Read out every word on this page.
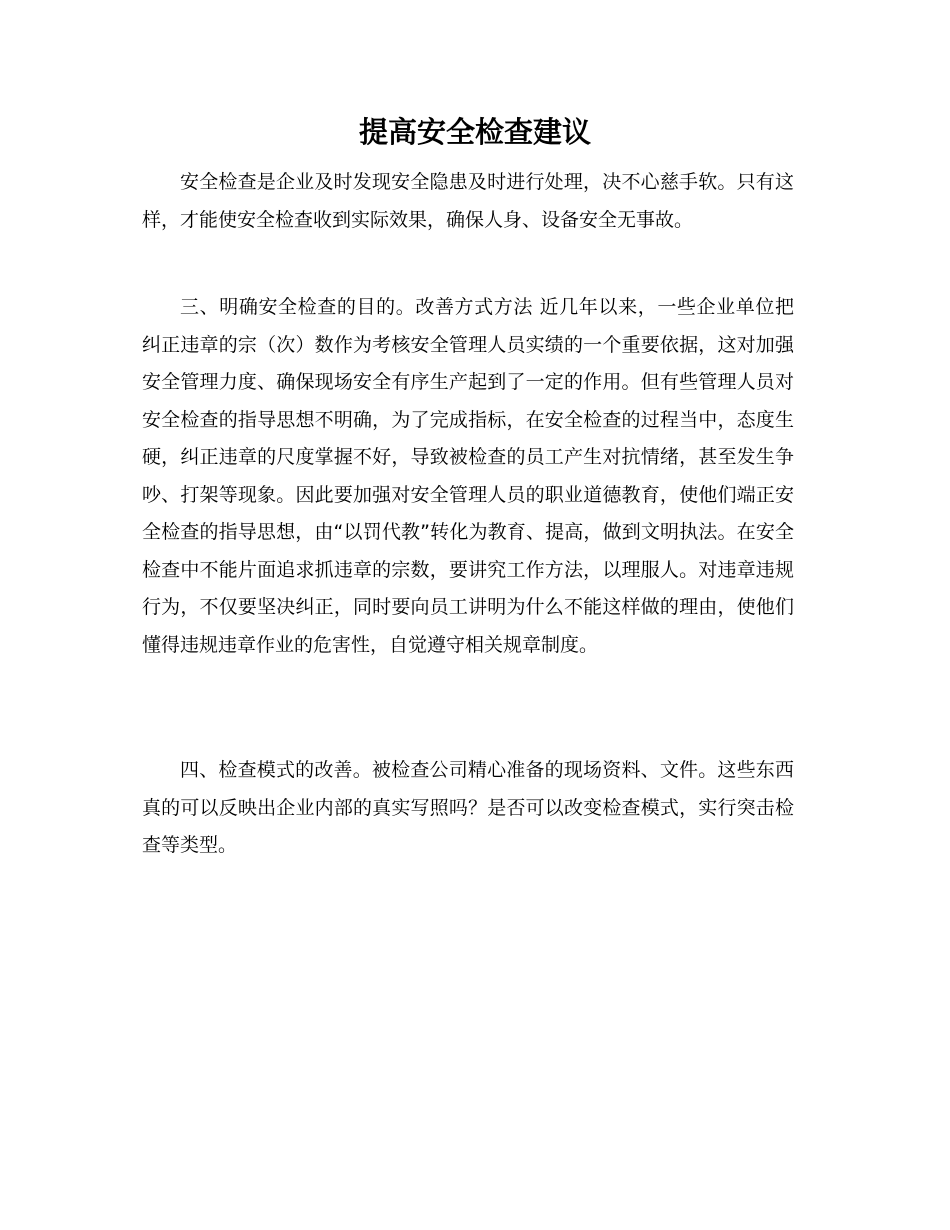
提高安全检查建议

安全检查是企业及时发现安全隐患及时进行处理，决不心慈手软。只有这样，才能使安全检查收到实际效果，确保人身、设备安全无事故。

三、明确安全检查的目的。改善方式方法 近几年以来，一些企业单位把纠正违章的宗（次）数作为考核安全管理人员实绩的一个重要依据，这对加强安全管理力度、确保现场安全有序生产起到了一定的作用。但有些管理人员对安全检查的指导思想不明确，为了完成指标，在安全检查的过程当中，态度生硬，纠正违章的尺度掌握不好，导致被检查的员工产生对抗情绪，甚至发生争吵、打架等现象。因此要加强对安全管理人员的职业道德教育，使他们端正安全检查的指导思想，由“以罚代教”转化为教育、提高，做到文明执法。在安全检查中不能片面追求抓违章的宗数，要讲究工作方法，以理服人。对违章违规行为，不仅要坚决纠正，同时要向员工讲明为什么不能这样做的理由，使他们懂得违规违章作业的危害性，自觉遵守相关规章制度。

四、检查模式的改善。被检查公司精心准备的现场资料、文件。这些东西真的可以反映出企业内部的真实写照吗？是否可以改变检查模式，实行突击检查等类型。
